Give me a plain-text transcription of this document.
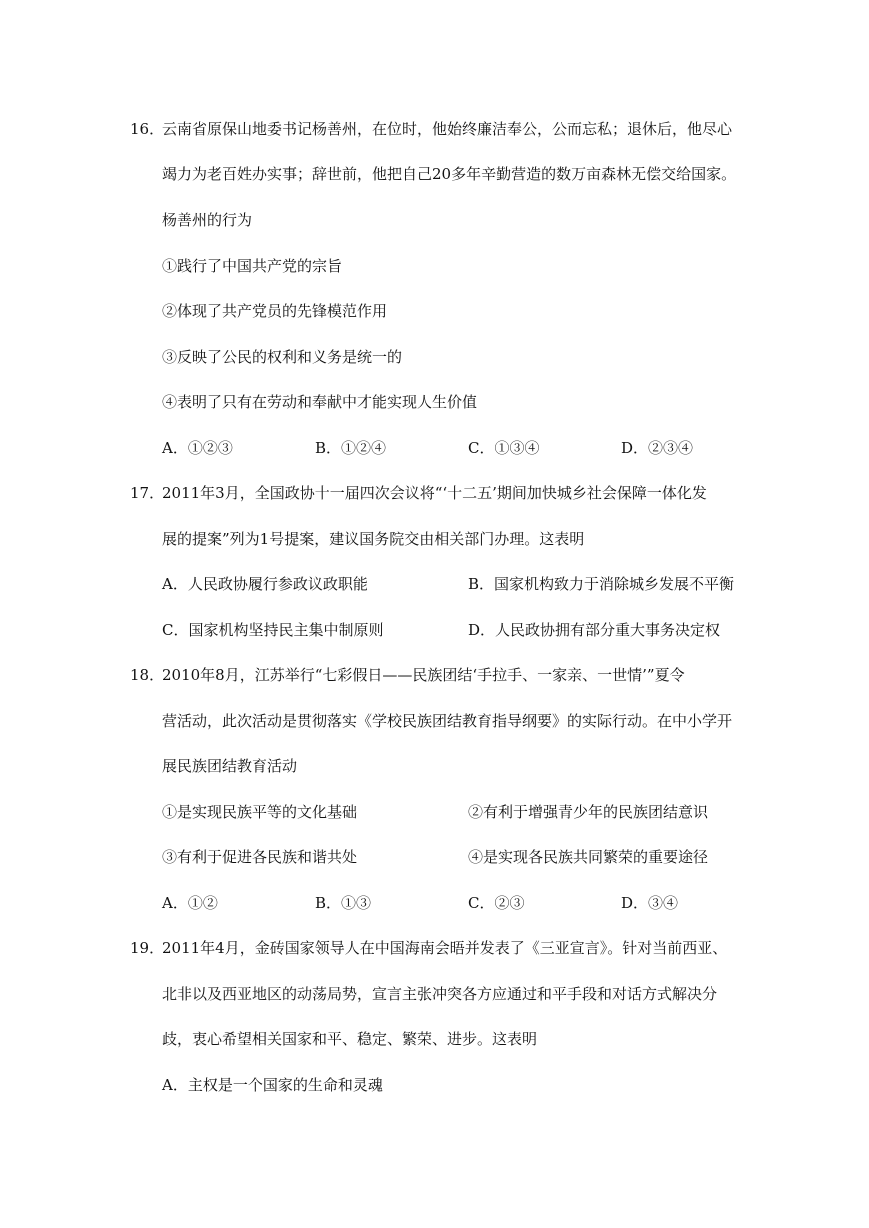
16．
云南省原保山地委书记杨善州，在位时，他始终廉洁奉公，公而忘私；退休后，他尽心
竭力为老百姓办实事；辞世前，他把自己20多年辛勤营造的数万亩森林无偿交给国家。
杨善州的行为
①践行了中国共产党的宗旨
②体现了共产党员的先锋模范作用
③反映了公民的权利和义务是统一的
④表明了只有在劳动和奉献中才能实现人生价值
A．①②③	B．①②④	C．①③④	D．②③④
17．
2011年3月，全国政协十一届四次会议将“‘十二五’期间加快城乡社会保障一体化发
展的提案”列为1号提案，建议国务院交由相关部门办理。这表明
A．人民政协履行参政议政职能	B．国家机构致力于消除城乡发展不平衡
C．国家机构坚持民主集中制原则	D．人民政协拥有部分重大事务决定权
18．
2010年8月，江苏举行“七彩假日——民族团结‘手拉手、一家亲、一世情’”夏令
营活动，此次活动是贯彻落实《学校民族团结教育指导纲要》的实际行动。在中小学开
展民族团结教育活动
①是实现民族平等的文化基础	②有利于增强青少年的民族团结意识
③有利于促进各民族和谐共处	④是实现各民族共同繁荣的重要途径
A．①②	B．①③	C．②③	D．③④
19．
2011年4月，金砖国家领导人在中国海南会晤并发表了《三亚宣言》。针对当前西亚、
北非以及西亚地区的动荡局势，宣言主张冲突各方应通过和平手段和对话方式解决分
歧，衷心希望相关国家和平、稳定、繁荣、进步。这表明
A．主权是一个国家的生命和灵魂
